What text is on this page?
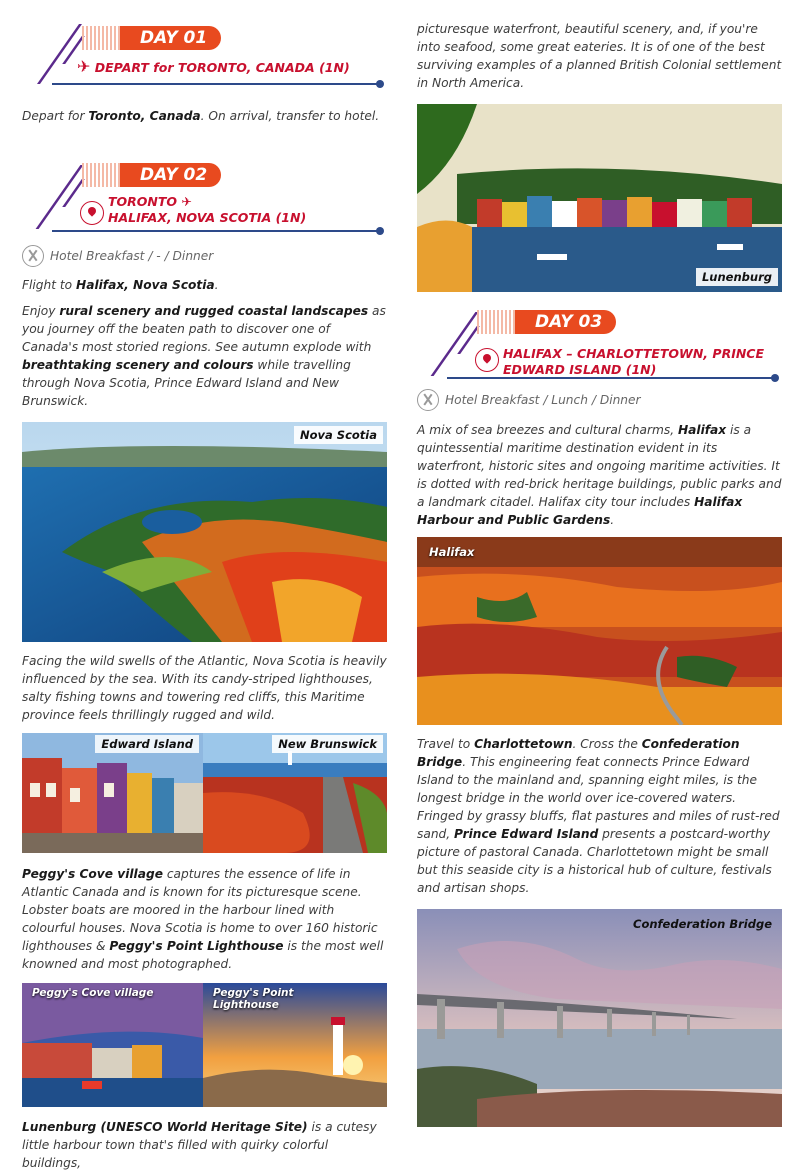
DAY 01
✈ DEPART for TORONTO, CANADA (1N)

Depart for Toronto, Canada. On arrival, transfer to hotel.

DAY 02
TORONTO ✈
HALIFAX, NOVA SCOTIA (1N)
Hotel Breakfast / - / Dinner

Flight to Halifax, Nova Scotia.

Enjoy rural scenery and rugged coastal landscapes as you journey off the beaten path to discover one of Canada's most storied regions. See autumn explode with breathtaking scenery and colours while travelling through Nova Scotia, Prince Edward Island and New Brunswick.

Nova Scotia

Facing the wild swells of the Atlantic, Nova Scotia is heavily influenced by the sea. With its candy-striped lighthouses, salty fishing towns and towering red cliffs, this Maritime province feels thrillingly rugged and wild.

Edward Island	New Brunswick

Peggy's Cove village captures the essence of life in Atlantic Canada and is known for its picturesque scene. Lobster boats are moored in the harbour lined with colourful houses. Nova Scotia is home to over 160 historic lighthouses & Peggy's Point Lighthouse is the most well knowned and most photographed.

Peggy's Cove village	Peggy's Point Lighthouse

Lunenburg (UNESCO World Heritage Site) is a cutesy little harbour town that's filled with quirky colorful buildings,

picturesque waterfront, beautiful scenery, and, if you're into seafood, some great eateries. It is of one of the best surviving examples of a planned British Colonial settlement in North America.

Lunenburg
DAY 03
HALIFAX – CHARLOTTETOWN, PRINCE EDWARD ISLAND (1N)
Hotel Breakfast / Lunch / Dinner

A mix of sea breezes and cultural charms, Halifax is a quintessential maritime destination evident in its waterfront, historic sites and ongoing maritime activities. It is dotted with red-brick heritage buildings, public parks and a landmark citadel. Halifax city tour includes Halifax Harbour and Public Gardens.

Halifax

Travel to Charlottetown. Cross the Confederation Bridge. This engineering feat connects Prince Edward Island to the mainland and, spanning eight miles, is the longest bridge in the world over ice-covered waters. Fringed by grassy bluffs, flat pastures and miles of rust-red sand, Prince Edward Island presents a postcard-worthy picture of pastoral Canada. Charlottetown might be small but this seaside city is a historical hub of culture, festivals and artisan shops.

Confederation Bridge
